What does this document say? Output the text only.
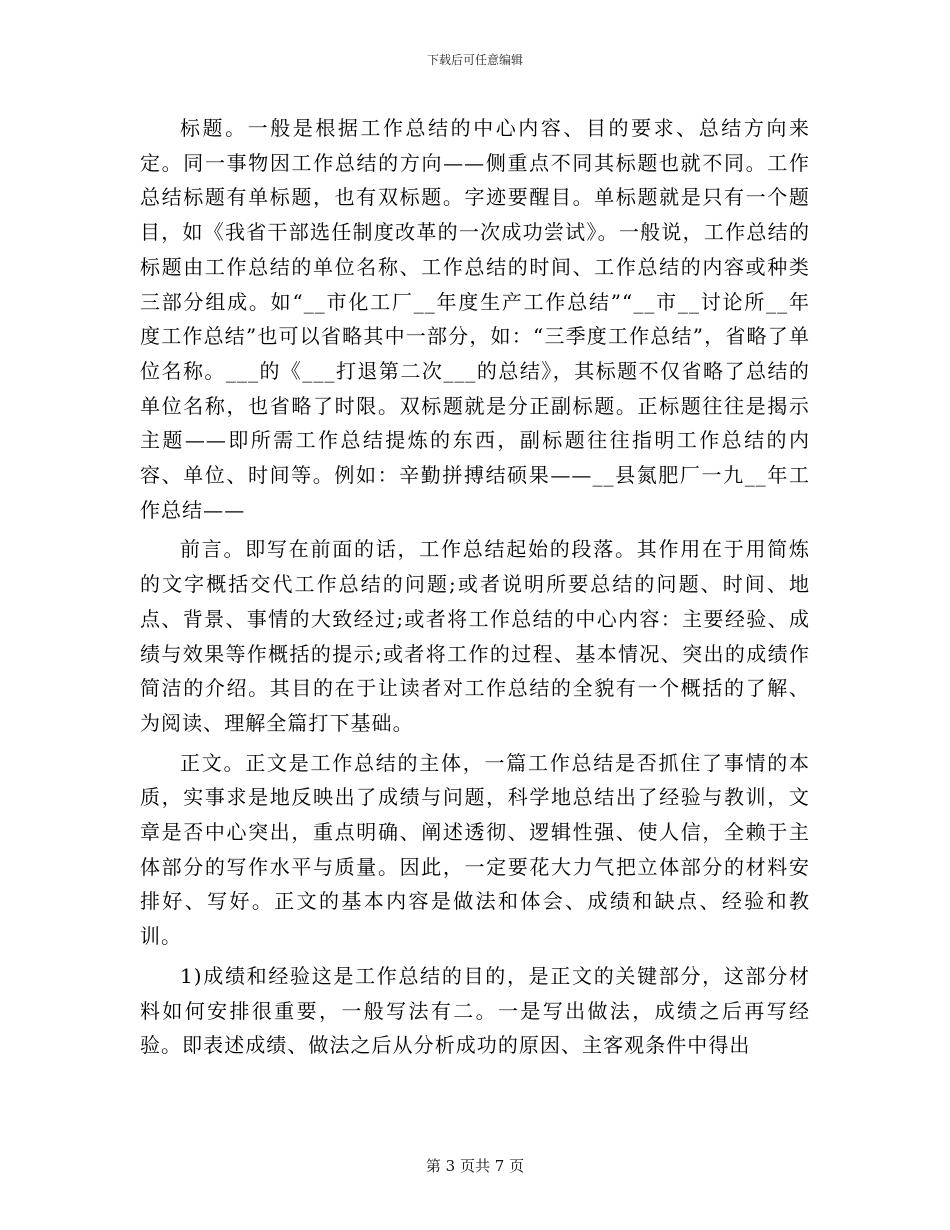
下载后可任意编辑

标题。一般是根据工作总结的中心内容、目的要求、总结方向来定。同一事物因工作总结的方向——侧重点不同其标题也就不同。工作总结标题有单标题，也有双标题。字迹要醒目。单标题就是只有一个题目，如《我省干部选任制度改革的一次成功尝试》。一般说，工作总结的标题由工作总结的单位名称、工作总结的时间、工作总结的内容或种类三部分组成。如“__市化工厂__年度生产工作总结”“__市__讨论所__年度工作总结”也可以省略其中一部分，如：“三季度工作总结”，省略了单位名称。___的《___打退第二次___的总结》，其标题不仅省略了总结的单位名称，也省略了时限。双标题就是分正副标题。正标题往往是揭示主题——即所需工作总结提炼的东西，副标题往往指明工作总结的内容、单位、时间等。例如：辛勤拼搏结硕果——__县氮肥厂一九__年工作总结——

前言。即写在前面的话，工作总结起始的段落。其作用在于用简炼的文字概括交代工作总结的问题;或者说明所要总结的问题、时间、地点、背景、事情的大致经过;或者将工作总结的中心内容：主要经验、成绩与效果等作概括的提示;或者将工作的过程、基本情况、突出的成绩作简洁的介绍。其目的在于让读者对工作总结的全貌有一个概括的了解、为阅读、理解全篇打下基础。

正文。正文是工作总结的主体，一篇工作总结是否抓住了事情的本质，实事求是地反映出了成绩与问题，科学地总结出了经验与教训，文章是否中心突出，重点明确、阐述透彻、逻辑性强、使人信，全赖于主体部分的写作水平与质量。因此，一定要花大力气把立体部分的材料安排好、写好。正文的基本内容是做法和体会、成绩和缺点、经验和教训。

1)成绩和经验这是工作总结的目的，是正文的关键部分，这部分材料如何安排很重要，一般写法有二。一是写出做法，成绩之后再写经验。即表述成绩、做法之后从分析成功的原因、主客观条件中得出

第 3 页共 7 页
